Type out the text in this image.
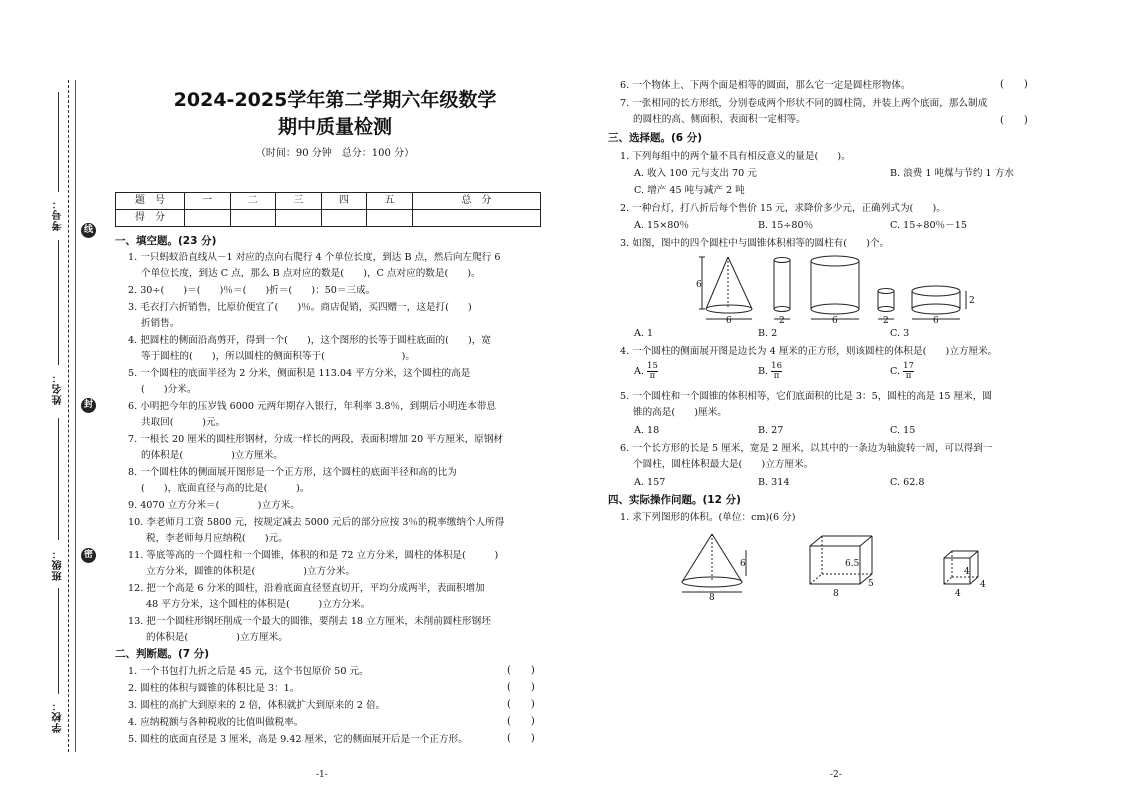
考号：
姓名：
班级：
学校：
线
封
密
2024-2025学年第二学期六年级数学
期中质量检测
（时间：90 分钟　总分：100 分）
题　号	一	二	三	四	五	总　分
得　分						
一、填空题。(23 分)
1. 一只蚂蚁沿直线从－1 对应的点向右爬行 4 个单位长度，到达 B 点，然后向左爬行 6
个单位长度，到达 C 点，那么 B 点对应的数是(　　)，C 点对应的数是(　　)。
2. 30÷(　　)＝(　　)％＝(　　)折＝(　　)：50＝三成。
3. 毛衣打六折销售，比原价便宜了(　　)％。商店促销，买四赠一，这是打(　　)
折销售。
4. 把圆柱的侧面沿高剪开，得到一个(　　)，这个图形的长等于圆柱底面的(　　)，宽
等于圆柱的(　　)，所以圆柱的侧面积等于(　　　　　　　　)。
5. 一个圆柱的底面半径为 2 分米，侧面积是 113.04 平方分米，这个圆柱的高是
(　　)分米。
6. 小明把今年的压岁钱 6000 元两年期存入银行，年利率 3.8％，到期后小明连本带息
共取回(　　　)元。
7. 一根长 20 厘米的圆柱形钢材，分成一样长的两段，表面积增加 20 平方厘米，原钢材
的体积是(　　　　　)立方厘米。
8. 一个圆柱体的侧面展开图形是一个正方形，这个圆柱的底面半径和高的比为
(　　)，底面直径与高的比是(　　　)。
9. 4070 立方分米＝(　　　　)立方米。
10. 李老师月工资 5800 元，按规定减去 5000 元后的部分应按 3％的税率缴纳个人所得
税，李老师每月应纳税(　　)元。
11. 等底等高的一个圆柱和一个圆锥，体积的和是 72 立方分米，圆柱的体积是(　　　)
立方分米，圆锥的体积是(　　　　　)立方分米。
12. 把一个高是 6 分米的圆柱，沿着底面直径竖直切开，平均分成两半，表面积增加
48 平方分米，这个圆柱的体积是(　　　)立方分米。
13. 把一个圆柱形钢坯削成一个最大的圆锥，要削去 18 立方厘米，未削前圆柱形钢坯
的体积是(　　　　　)立方厘米。
二、判断题。(7 分)
1. 一个书包打九折之后是 45 元，这个书包原价 50 元。	(　　)
2. 圆柱的体积与圆锥的体积比是 3：1。	(　　)
3. 圆柱的高扩大到原来的 2 倍，体积就扩大到原来的 2 倍。	(　　)
4. 应纳税额与各种税收的比值叫做税率。	(　　)
5. 圆柱的底面直径是 3 厘米，高是 9.42 厘米，它的侧面展开后是一个正方形。	(　　)
-1-
6. 一个物体上、下两个面是相等的圆面，那么它一定是圆柱形物体。	(　　)
7. 一张相同的长方形纸，分别卷成两个形状不同的圆柱筒，并装上两个底面，那么制成
的圆柱的高、侧面积、表面积一定相等。	(　　)
三、选择题。(6 分)
1. 下列每组中的两个量不具有相反意义的量是(　　)。
A. 收入 100 元与支出 70 元	B. 浪费 1 吨煤与节约 1 方水
C. 增产 45 吨与减产 2 吨
2. 一种台灯，打八折后每个售价 15 元，求降价多少元，正确列式为(　　)。
A. 15×80％	B. 15÷80％	C. 15÷80％－15
3. 如图，图中的四个圆柱中与圆锥体积相等的圆柱有(　　)个。
6
6	2	6	2	6
2
A. 1	B. 2	C. 3
4. 一个圆柱的侧面展开图是边长为 4 厘米的正方形，则该圆柱的体积是(　　)立方厘米。
A. $\frac{15}{\pi}$	B. $\frac{16}{\pi}$	C. $\frac{17}{\pi}$
5. 一个圆柱和一个圆锥的体积相等，它们底面积的比是 3：5，圆柱的高是 15 厘米，圆
锥的高是(　　)厘米。
A. 18	B. 27	C. 15
6. 一个长方形的长是 5 厘米，宽是 2 厘米，以其中的一条边为轴旋转一周，可以得到一
个圆柱，圆柱体积最大是(　　)立方厘米。
A. 157	B. 314	C. 62.8
四、实际操作问题。(12 分)
1. 求下列图形的体积。(单位：cm)(6 分)
6
8
6.5
5
8
4
4
4
-2-
